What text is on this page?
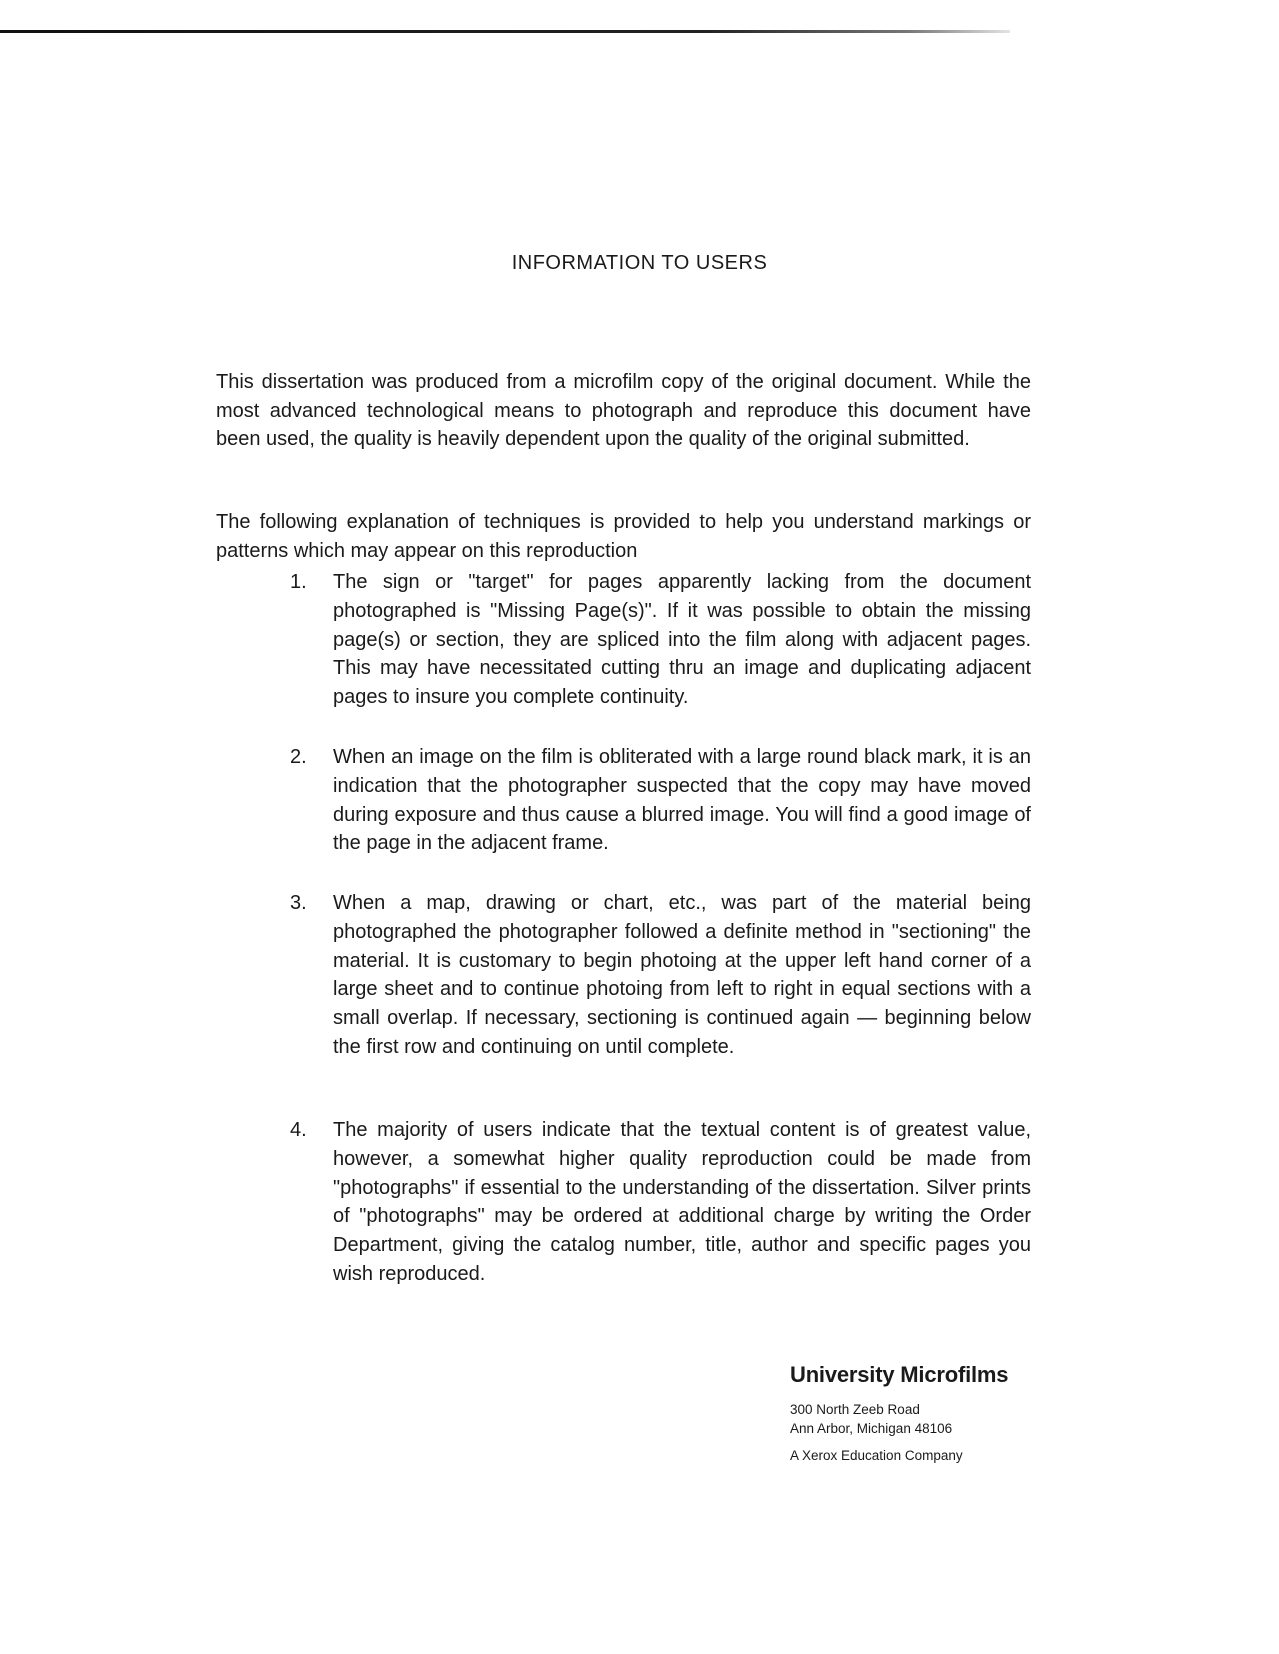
INFORMATION TO USERS

This dissertation was produced from a microfilm copy of the original document. While the most advanced technological means to photograph and reproduce this document have been used, the quality is heavily dependent upon the quality of the original submitted.

The following explanation of techniques is provided to help you understand markings or patterns which may appear on this reproduction

1.	The sign or "target" for pages apparently lacking from the document photographed is "Missing Page(s)". If it was possible to obtain the missing page(s) or section, they are spliced into the film along with adjacent pages. This may have necessitated cutting thru an image and duplicating adjacent pages to insure you complete continuity.
2.	When an image on the film is obliterated with a large round black mark, it is an indication that the photographer suspected that the copy may have moved during exposure and thus cause a blurred image. You will find a good image of the page in the adjacent frame.
3.	When a map, drawing or chart, etc., was part of the material being photographed the photographer followed a definite method in "sectioning" the material. It is customary to begin photoing at the upper left hand corner of a large sheet and to continue photoing from left to right in equal sections with a small overlap. If necessary, sectioning is continued again — beginning below the first row and continuing on until complete.
4.	The majority of users indicate that the textual content is of greatest value, however, a somewhat higher quality reproduction could be made from "photographs" if essential to the understanding of the dissertation. Silver prints of "photographs" may be ordered at additional charge by writing the Order Department, giving the catalog number, title, author and specific pages you wish reproduced.

University Microfilms

300 North Zeeb Road

Ann Arbor, Michigan 48106

A Xerox Education Company
